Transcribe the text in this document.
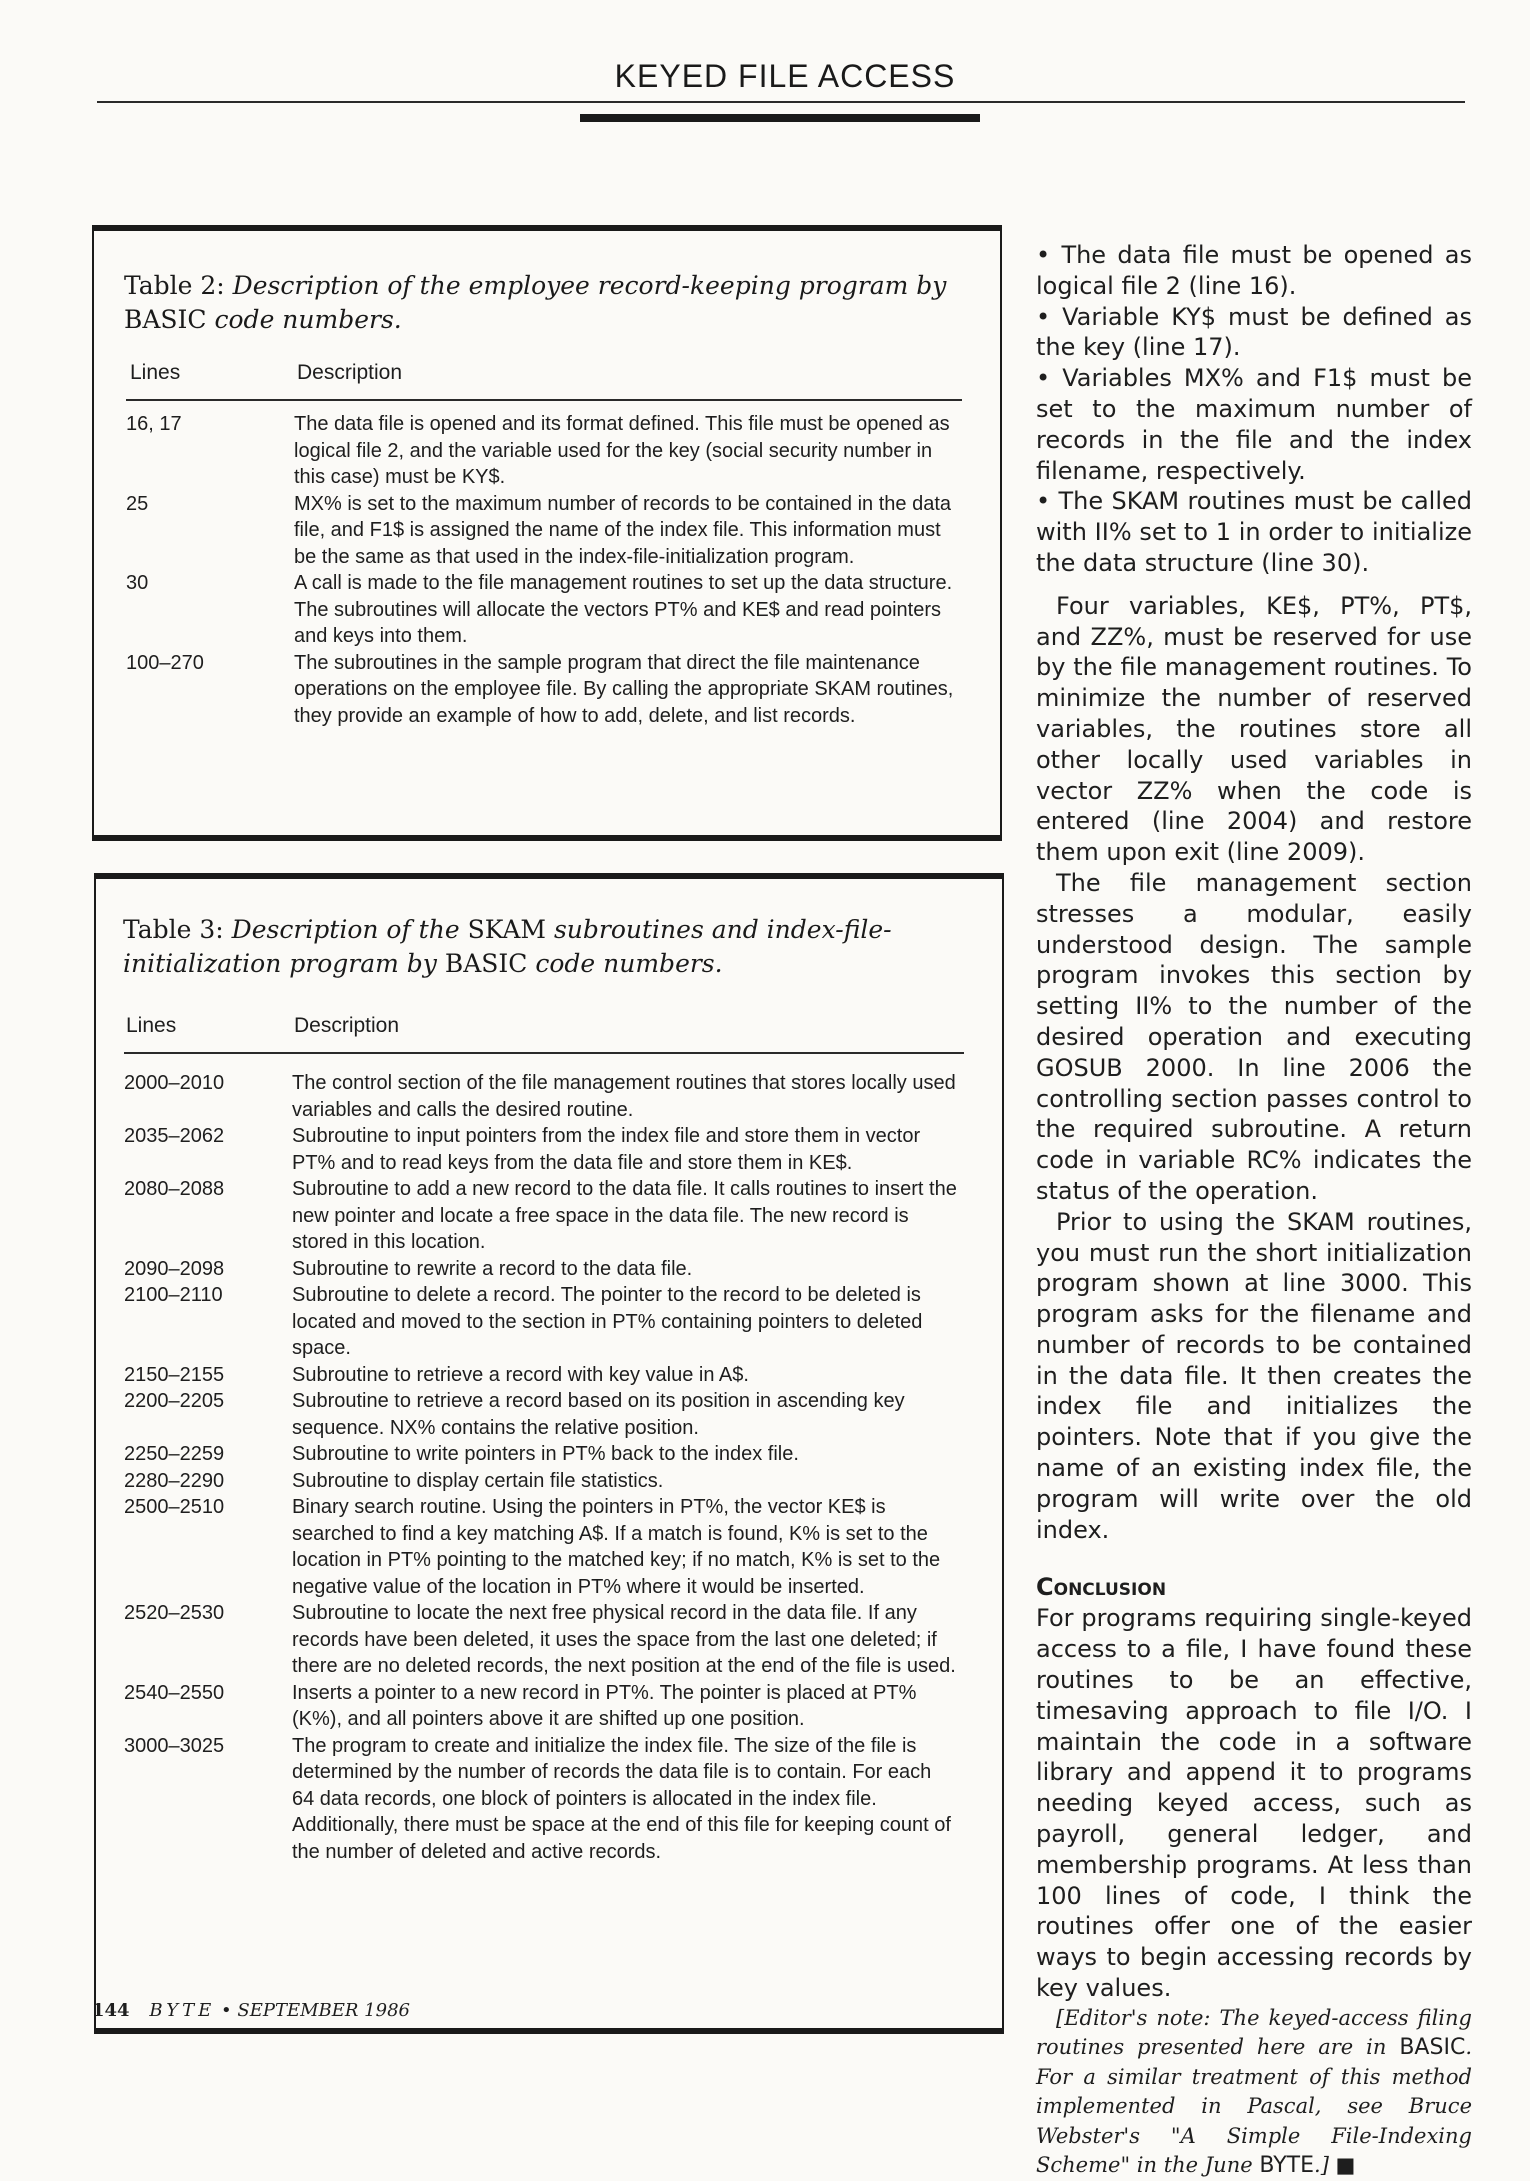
KEYED FILE ACCESS
Table 2: Description of the employee record-keeping program by BASIC code numbers.
Lines	Description
16, 17	The data file is opened and its format defined. This file must be opened as logical file 2, and the variable used for the key (social security number in this case) must be KY$.
25	MX% is set to the maximum number of records to be contained in the data file, and F1$ is assigned the name of the index file. This information must be the same as that used in the index-file-initialization program.
30	A call is made to the file management routines to set up the data structure. The subroutines will allocate the vectors PT% and KE$ and read pointers and keys into them.
100–270	The subroutines in the sample program that direct the file maintenance operations on the employee file. By calling the appropriate SKAM routines, they provide an example of how to add, delete, and list records.
Table 3: Description of the SKAM subroutines and index-file-initialization program by BASIC code numbers.
Lines	Description
2000–2010	The control section of the file management routines that stores locally used variables and calls the desired routine.
2035–2062	Subroutine to input pointers from the index file and store them in vector PT% and to read keys from the data file and store them in KE$.
2080–2088	Subroutine to add a new record to the data file. It calls routines to insert the new pointer and locate a free space in the data file. The new record is stored in this location.
2090–2098	Subroutine to rewrite a record to the data file.
2100–2110	Subroutine to delete a record. The pointer to the record to be deleted is located and moved to the section in PT% containing pointers to deleted space.
2150–2155	Subroutine to retrieve a record with key value in A$.
2200–2205	Subroutine to retrieve a record based on its position in ascending key sequence. NX% contains the relative position.
2250–2259	Subroutine to write pointers in PT% back to the index file.
2280–2290	Subroutine to display certain file statistics.
2500–2510	Binary search routine. Using the pointers in PT%, the vector KE$ is searched to find a key matching A$. If a match is found, K% is set to the location in PT% pointing to the matched key; if no match, K% is set to the negative value of the location in PT% where it would be inserted.
2520–2530	Subroutine to locate the next free physical record in the data file. If any records have been deleted, it uses the space from the last one deleted; if there are no deleted records, the next position at the end of the file is used.
2540–2550	Inserts a pointer to a new record in PT%. The pointer is placed at PT%(K%), and all pointers above it are shifted up one position.
3000–3025	The program to create and initialize the index file. The size of the file is determined by the number of records the data file is to contain. For each 64 data records, one block of pointers is allocated in the index file. Additionally, there must be space at the end of this file for keeping count of the number of deleted and active records.

• The data file must be opened as logical file 2 (line 16).

• Variable KY$ must be defined as the key (line 17).

• Variables MX% and F1$ must be set to the maximum number of records in the file and the index filename, respectively.

• The SKAM routines must be called with II% set to 1 in order to initialize the data structure (line 30).

Four variables, KE$, PT%, PT$, and ZZ%, must be reserved for use by the file management routines. To minimize the number of reserved variables, the routines store all other locally used variables in vector ZZ% when the code is entered (line 2004) and restore them upon exit (line 2009).

The file management section stresses a modular, easily understood design. The sample program invokes this section by setting II% to the number of the desired operation and executing GOSUB 2000. In line 2006 the controlling section passes control to the required subroutine. A return code in variable RC% indicates the status of the operation.

Prior to using the SKAM routines, you must run the short initialization program shown at line 3000. This program asks for the filename and number of records to be contained in the data file. It then creates the index file and initializes the pointers. Note that if you give the name of an existing index file, the program will write over the old index.

Conclusion

For programs requiring single-keyed access to a file, I have found these routines to be an effective, timesaving approach to file I/O. I maintain the code in a software library and append it to programs needing keyed access, such as payroll, general ledger, and membership programs. At less than 100 lines of code, I think the routines offer one of the easier ways to begin accessing records by key values.

[Editor's note: The keyed-access filing routines presented here are in BASIC. For a similar treatment of this method implemented in Pascal, see Bruce Webster's "A Simple File-Indexing Scheme" in the June BYTE.] ■

144 BYTE • SEPTEMBER 1986
